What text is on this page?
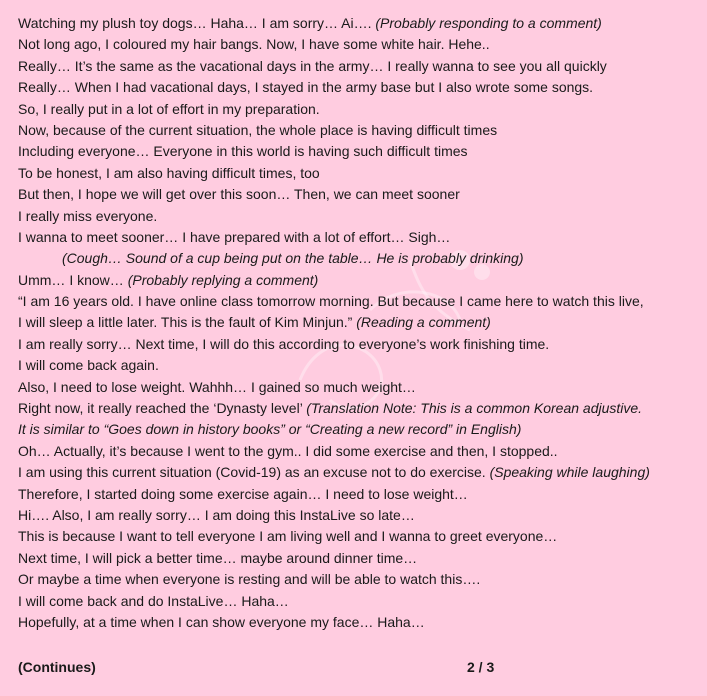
Watching my plush toy dogs… Haha… I am sorry… Ai…. (Probably responding to a comment)
Not long ago, I coloured my hair bangs. Now, I have some white hair. Hehe..
Really… It’s the same as the vacational days in the army… I really wanna to see you all quickly
Really… When I had vacational days, I stayed in the army base but I also wrote some songs.
So, I really put in a lot of effort in my preparation.
Now, because of the current situation, the whole place is having difficult times
Including everyone… Everyone in this world is having such difficult times
To be honest, I am also having difficult times, too
But then, I hope we will get over this soon… Then, we can meet sooner
I really miss everyone.
I wanna to meet sooner… I have prepared with a lot of effort… Sigh…
(Cough… Sound of a cup being put on the table… He is probably drinking)
Umm… I know… (Probably replying a comment)
“I am 16 years old. I have online class tomorrow morning. But because I came here to watch this live,
I will sleep a little later. This is the fault of Kim Minjun.” (Reading a comment)
I am really sorry… Next time, I will do this according to everyone’s work finishing time.
I will come back again.
Also, I need to lose weight. Wahhh… I gained so much weight…
Right now, it really reached the ‘Dynasty level’ (Translation Note: This is a common Korean adjustive.
It is similar to “Goes down in history books” or “Creating a new record” in English)
Oh… Actually, it’s because I went to the gym.. I did some exercise and then, I stopped..
I am using this current situation (Covid-19) as an excuse not to do exercise. (Speaking while laughing)
Therefore, I started doing some exercise again… I need to lose weight…
Hi…. Also, I am really sorry… I am doing this InstaLive so late…
This is because I want to tell everyone I am living well and I wanna to greet everyone…
Next time, I will pick a better time… maybe around dinner time…
Or maybe a time when everyone is resting and will be able to watch this….
I will come back and do InstaLive… Haha…
Hopefully, at a time when I can show everyone my face… Haha…
(Continues)	2 / 3
